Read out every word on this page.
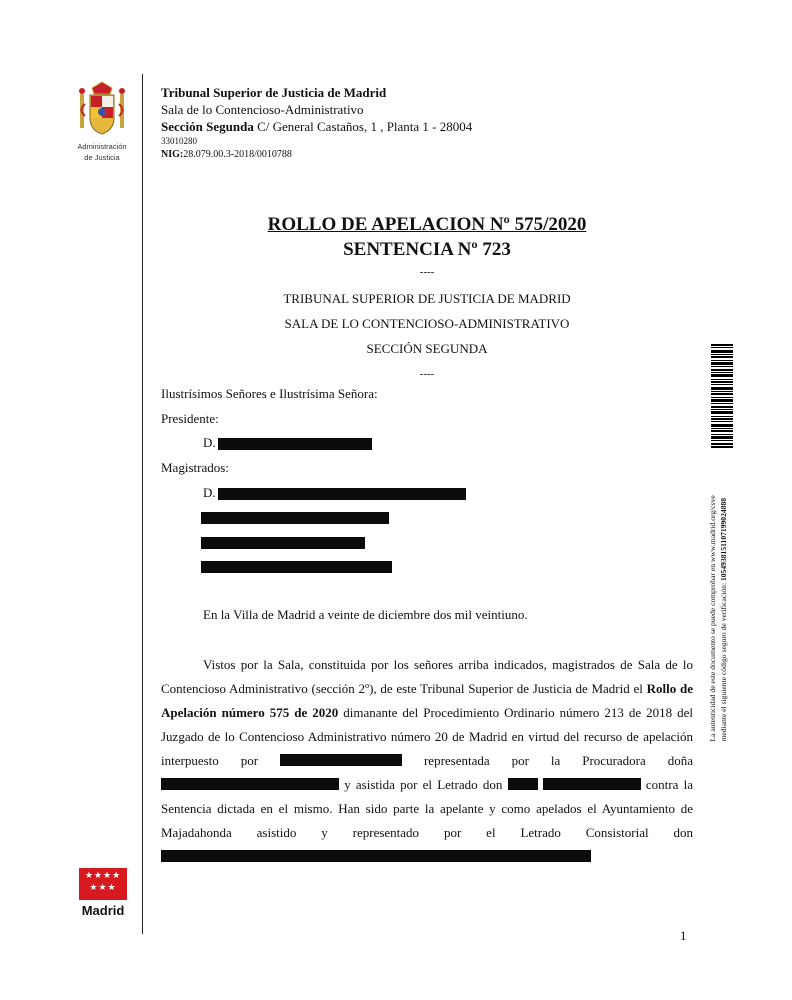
Administración
de Justicia
★★★★
★★★
Madrid
Tribunal Superior de Justicia de Madrid
Sala de lo Contencioso-Administrativo
Sección Segunda C/ General Castaños, 1 , Planta 1 - 28004
33010280
NIG:28.079.00.3-2018/0010788
ROLLO DE APELACION Nº 575/2020
SENTENCIA Nº 723
----
TRIBUNAL SUPERIOR DE JUSTICIA DE MADRID
SALA DE LO CONTENCIOSO-ADMINISTRATIVO
SECCIÓN SEGUNDA
----
Ilustrísimos Señores e Ilustrísima Señora:
Presidente:
D.
Magistrados:
D.
En la Villa de Madrid a veinte de diciembre dos mil veintiuno.
Vistos por la Sala, constituida por los señores arriba indicados, magistrados de Sala de lo Contencioso Administrativo (sección 2º), de este Tribunal Superior de Justicia de Madrid el Rollo de Apelación número 575 de 2020 dimanante del Procedimiento Ordinario número 213 de 2018 del Juzgado de lo Contencioso Administrativo número 20 de Madrid en virtud del recurso de apelación interpuesto por	representada por la Procuradora doña  y asistida por el Letrado don	contra la Sentencia dictada en el mismo. Han sido parte la apelante y como apelados el Ayuntamiento de Majadahonda asistido y representado por el Letrado Consistorial don
La autenticidad de este documento se puede comprobar en www.madrid.org/csve mediante el siguiente código seguro de verificación: 1054938151107199024888
1
